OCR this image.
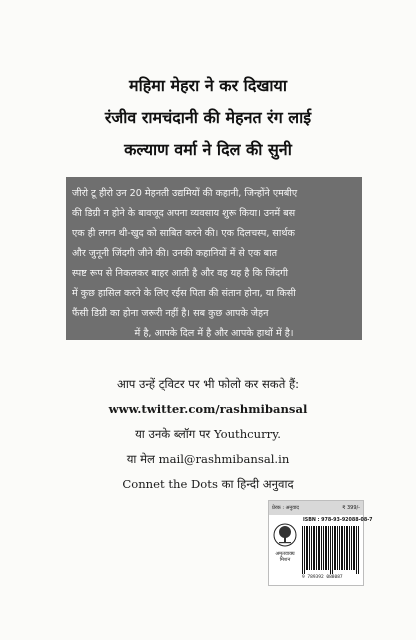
महिमा मेहरा ने कर दिखाया
रंजीव रामचंदानी की मेहनत रंग लाई
कल्याण वर्मा ने दिल की सुनी
जीरो टू हीरो उन 20 मेहनती उद्यमियों की कहानी, जिन्होंने एमबीए
की डिग्री न होने के बावजूद अपना व्यवसाय शुरू किया। उनमें बस
एक ही लगन थी-खुद को साबित करने की। एक दिलचस्प, सार्थक
और जुनूनी जिंदगी जीने की। उनकी कहानियों में से एक बात
स्पष्ट रूप से निकलकर बाहर आती है और वह यह है कि जिंदगी
में कुछ हासिल करने के लिए रईस पिता की संतान होना, या किसी
फैंसी डिग्री का होना जरूरी नहीं है। सब कुछ आपके जेहन
में है, आपके दिल में है और आपके हाथों में है।
आप उन्हें ट्विटर पर भी फोलो कर सकते हैं:
www.twitter.com/rashmibansal
या उनके ब्लॉग पर Youthcurry.
या मेल mail@rashmibansal.in
Connet the Dots का हिन्दी अनुवाद
प्रेरक : अनुवाद	₹ 399/-
अमृतवाक्य
मिशन
ISBN : 978-93-92088-08-7
9 789392 088087
